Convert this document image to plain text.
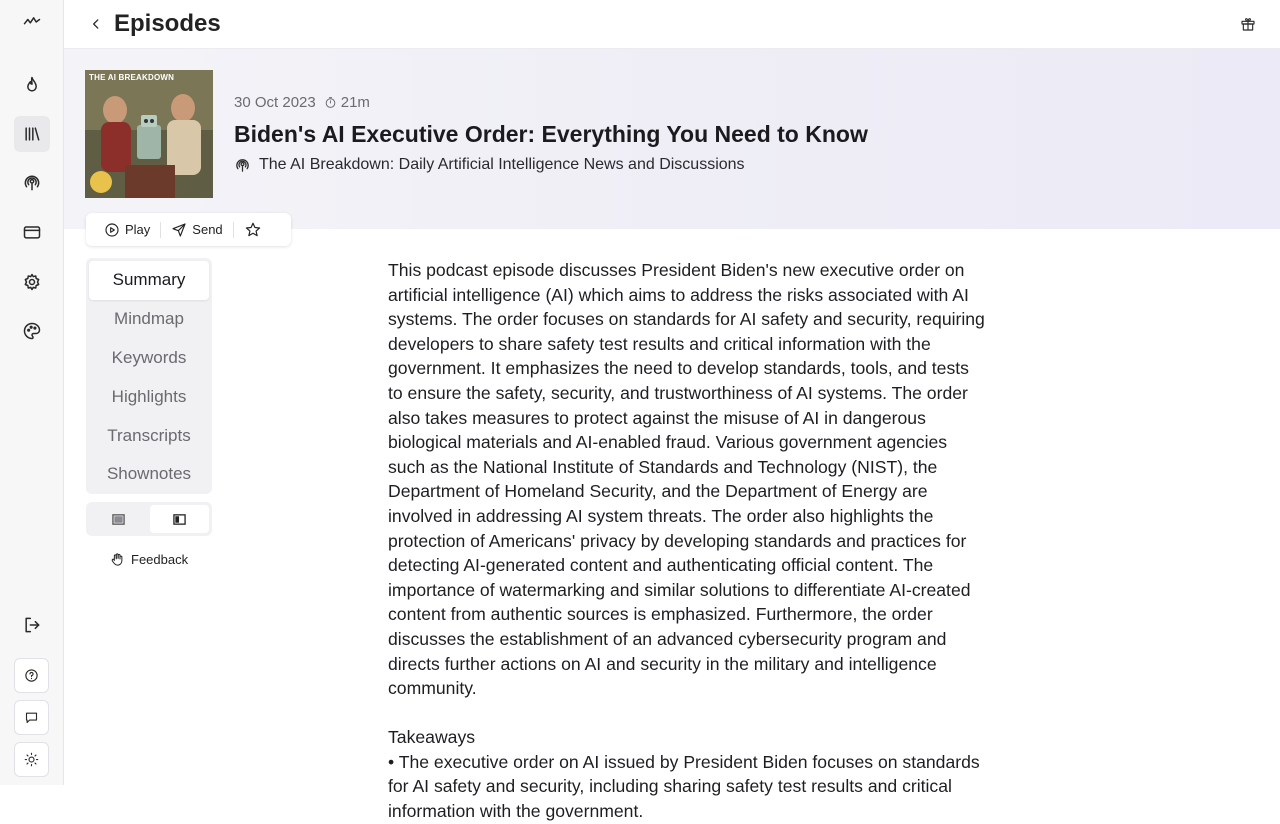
Episodes
THE AI BREAKDOWN
30 Oct 2023 21m
Biden's AI Executive Order: Everything You Need to Know
The AI Breakdown: Daily Artificial Intelligence News and Discussions
Play	Send
Summary
Mindmap
Keywords
Highlights
Transcripts
Shownotes
Feedback

This podcast episode discusses President Biden's new executive order on artificial intelligence (AI) which aims to address the risks associated with AI systems. The order focuses on standards for AI safety and security, requiring developers to share safety test results and critical information with the government. It emphasizes the need to develop standards, tools, and tests to ensure the safety, security, and trustworthiness of AI systems. The order also takes measures to protect against the misuse of AI in dangerous biological materials and AI-enabled fraud. Various government agencies such as the National Institute of Standards and Technology (NIST), the Department of Homeland Security, and the Department of Energy are involved in addressing AI system threats. The order also highlights the protection of Americans' privacy by developing standards and practices for detecting AI-generated content and authenticating official content. The importance of watermarking and similar solutions to differentiate AI-created content from authentic sources is emphasized. Furthermore, the order discusses the establishment of an advanced cybersecurity program and directs further actions on AI and security in the military and intelligence community.

Takeaways
• The executive order on AI issued by President Biden focuses on standards for AI safety and security, including sharing safety test results and critical information with the government.
